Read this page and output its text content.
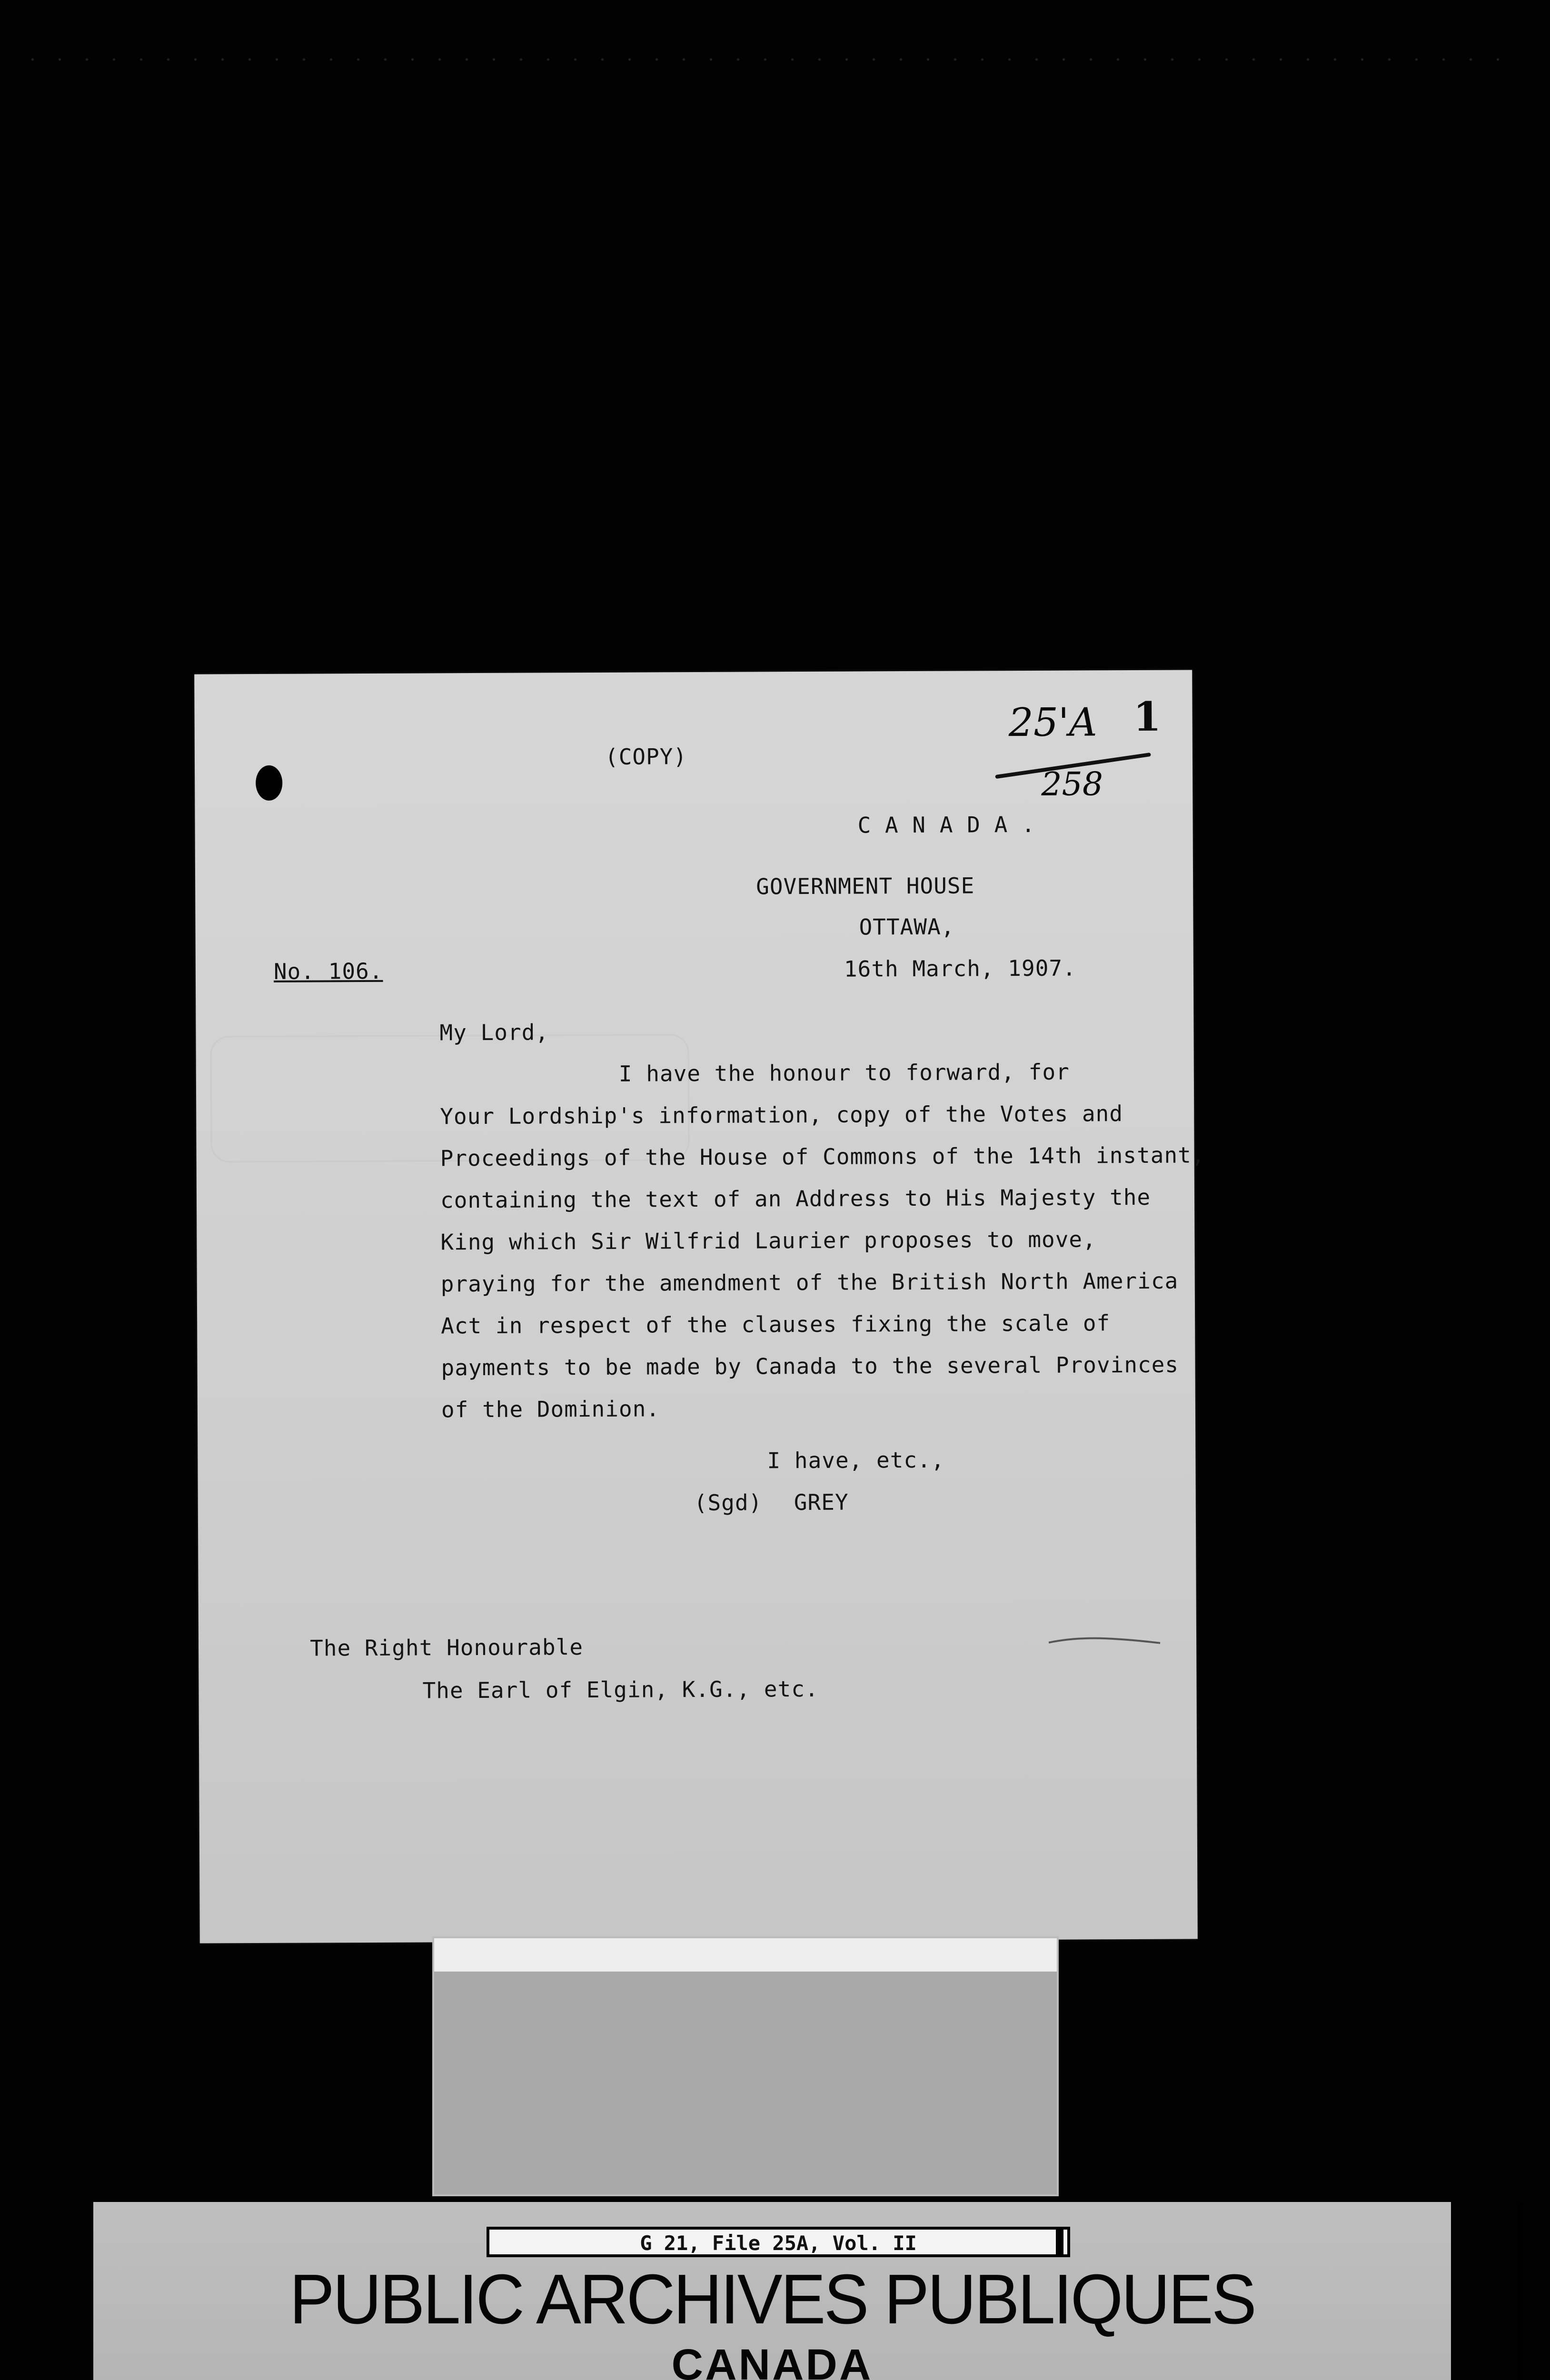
25'A 1
258
(COPY)
C A N A D A .
GOVERNMENT HOUSE
OTTAWA,
No. 106.	16th March, 1907.
My Lord,
I have the honour to forward, for
Your Lordship's information, copy of the Votes and
Proceedings of the House of Commons of the 14th instant,
containing the text of an Address to His Majesty the
King which Sir Wilfrid Laurier proposes to move,
praying for the amendment of the British North America
Act in respect of the clauses fixing the scale of
payments to be made by Canada to the several Provinces
of the Dominion.
I have, etc.,
(Sgd) GREY
The Right Honourable
The Earl of Elgin, K.G., etc.
G 21, File 25A, Vol. II
PUBLIC ARCHIVES PUBLIQUES
CANADA
